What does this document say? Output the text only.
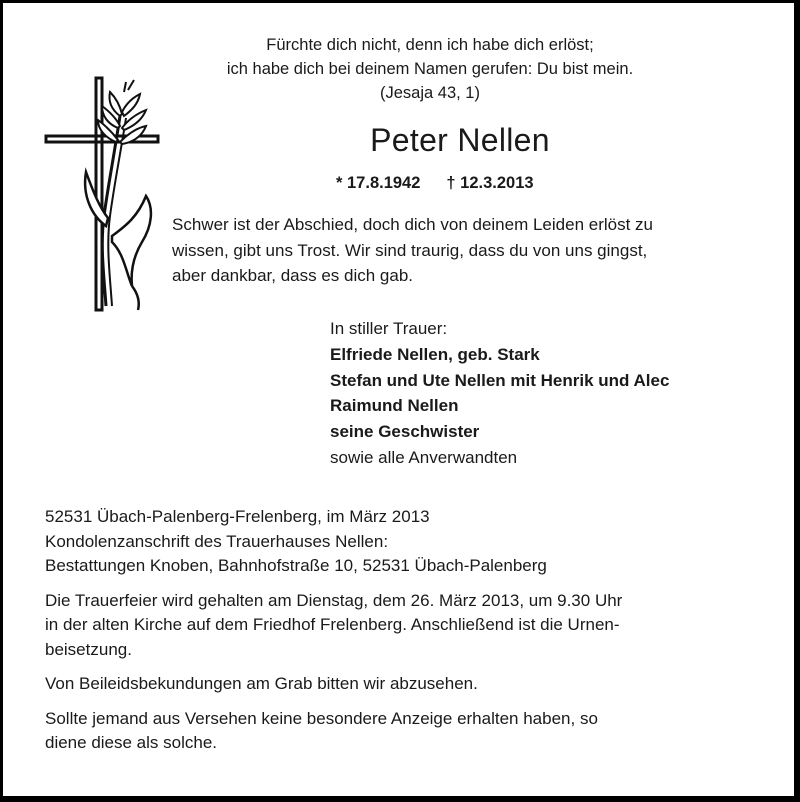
Fürchte dich nicht, denn ich habe dich erlöst;
ich habe dich bei deinem Namen gerufen: Du bist mein.
(Jesaja 43, 1)
Peter Nellen
* 17.8.1942 † 12.3.2013
Schwer ist der Abschied, doch dich von deinem Leiden erlöst zu
wissen, gibt uns Trost. Wir sind traurig, dass du von uns gingst,
aber dankbar, dass es dich gab.
In stiller Trauer:
Elfriede Nellen, geb. Stark
Stefan und Ute Nellen mit Henrik und Alec
Raimund Nellen
seine Geschwister
sowie alle Anverwandten

52531 Übach-Palenberg-Frelenberg, im März 2013

Kondolenzanschrift des Trauerhauses Nellen:

Bestattungen Knoben, Bahnhofstraße 10, 52531 Übach-Palenberg

Die Trauerfeier wird gehalten am Dienstag, dem 26. März 2013, um 9.30 Uhr

in der alten Kirche auf dem Friedhof Frelenberg. Anschließend ist die Urnen-

beisetzung.

Von Beileidsbekundungen am Grab bitten wir abzusehen.

Sollte jemand aus Versehen keine besondere Anzeige erhalten haben, so

diene diese als solche.
